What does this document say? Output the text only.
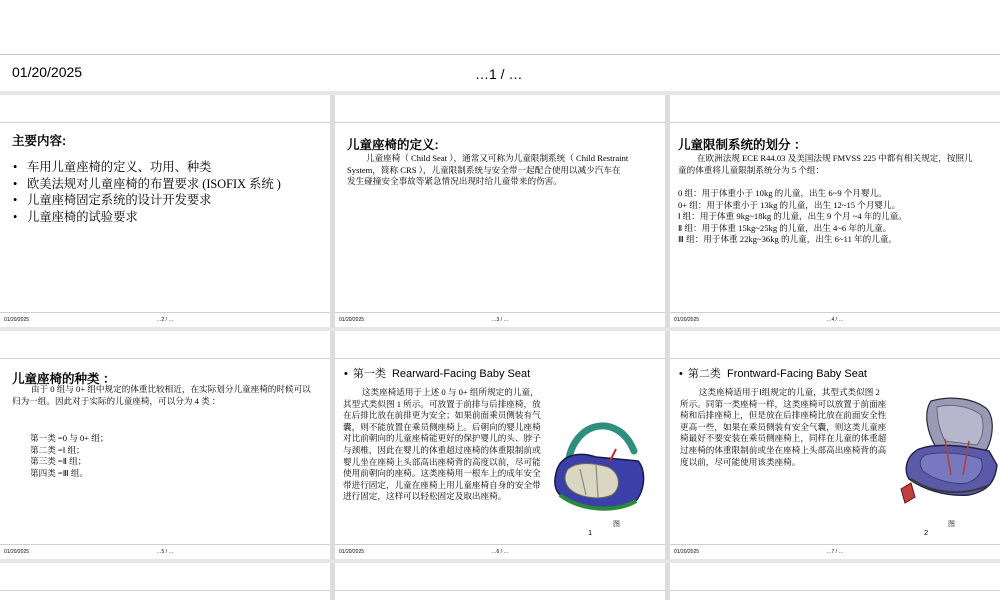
01/20/2025	…1 / …
主要内容:
• 车用儿童座椅的定义、功用、种类
• 欧美法规对儿童座椅的布置要求 (ISOFIX 系统 )
• 儿童座椅固定系统的设计开发要求
• 儿童座椅的试验要求
01/20/2025	…2 / …
儿童座椅的定义:

儿童座椅（ Child Seat ），通常又可称为儿童限制系统（ Child Restraint System，简称 CRS ），儿童限制系统与安全带一起配合使用以减少汽车在发生碰撞安全事故等紧急情况出现时给儿童带来的伤害。

01/20/2025	…3 / …
儿童限制系统的划分 ：

在欧洲法规 ECE R44.03 及美国法规 FMVSS 225 中都有相关规定，按照儿童的体重将儿童限制系统分为 5 个组：

0 组：用于体重小于 10kg 的儿童，出生 6~9 个月婴儿。
0+ 组：用于体重小于 13kg 的儿童，出生 12~15 个月婴儿。
Ⅰ 组：用于体重 9kg~18kg 的儿童，出生 9 个月 ~4 年的儿童。
Ⅱ 组：用于体重 15kg~25kg 的儿童，出生 4~6 年的儿童。
Ⅲ 组：用于体重 22kg~36kg 的儿童，出生 6~11 年的儿童。
01/20/2025	…4 / …
儿童座椅的种类 ：

由于 0 组与 0+ 组中规定的体重比较相近，在实际划分儿童座椅的时候可以归为一组。因此对于实际的儿童座椅，可以分为 4 类 ：

第一类 =0 与 0+ 组；
第二类 =Ⅰ 组；
第三类 =Ⅱ 组；
第四类 =Ⅲ 组。
01/20/2025	…5 / …
• 第一类 Rearward-Facing Baby Seat

这类座椅适用于上述 0 与 0+ 组所规定的儿童，其型式类似图 1 所示。可放置于前排与后排座椅，放在后排比放在前排更为安全；如果前面乘员侧装有气囊，则不能放置在乘员侧座椅上。后朝向的婴儿座椅对比前朝向的儿童座椅能更好的保护婴儿的头、脖子与颈椎，因此在婴儿的体重超过座椅的体重限制前或婴儿坐在座椅上头部高出座椅背的高度以前，尽可能使用前朝向的座椅。这类座椅用一根车上的成年安全带进行固定，儿童在座椅上用儿童座椅自身的安全带进行固定，这样可以轻松固定及取出座椅。

图
1
01/20/2025	…6 / …
• 第二类 Frontward-Facing Baby Seat

这类座椅适用于Ⅰ组规定的儿童，其型式类似图 2 所示。同第一类座椅一样，这类座椅可以放置于前面座椅和后排座椅上，但是放在后排座椅比放在前面安全性更高一些，如果在乘员侧装有安全气囊，则这类儿童座椅最好不要安装在乘员侧座椅上，同样在儿童的体重超过座椅的体重限制前或坐在座椅上头部高出座椅背的高度以前，尽可能使用该类座椅。

图
2
01/20/2025	…7 / …
